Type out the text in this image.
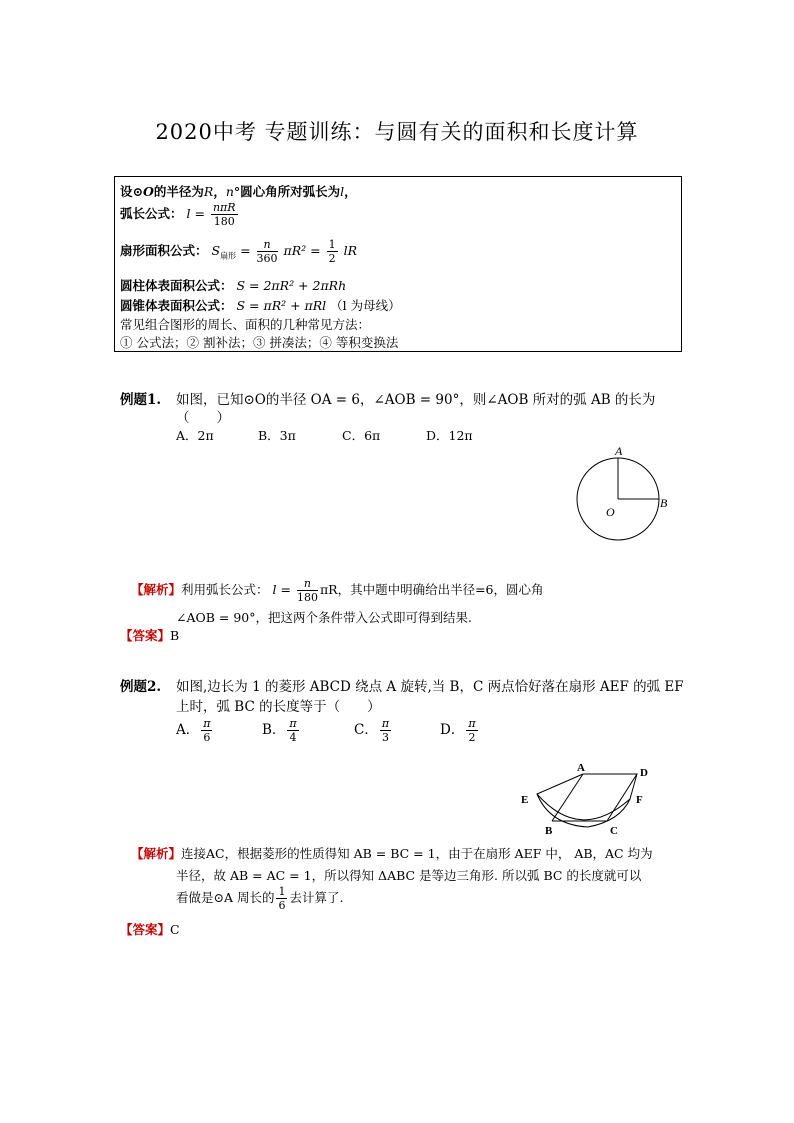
2020中考 专题训练：与圆有关的面积和长度计算
设⊙O的半径为R，n°圆心角所对弧长为l，
弧长公式： $l = \frac{\text{nπR}}{180}$
扇形面积公式： $S_{扇形} = \frac{n}{360} \pi R^2 = \frac{1}{2}$ lR
圆柱体表面积公式： S = 2πR² + 2πRh
圆锥体表面积公式： S = πR² + πRl （l 为母线）
常见组合图形的周长、面积的几种常见方法：
① 公式法；② 割补法；③ 拼凑法；④ 等积变换法
例题1. 如图，已知⊙O的半径 OA = 6，∠AOB = 90°，则∠AOB 所对的弧 AB 的长为
（　　）
A．2π	B．3π	C．6π	D．12π
A
B
O
【解析】利用弧长公式： $l = \frac{n}{180}$ πR，其中题中明确给出半径=6，圆心角
∠AOB = 90°，把这两个条件带入公式即可得到结果.
【答案】B
例题2. 如图,边长为 1 的菱形 ABCD 绕点 A 旋转,当 B，C 两点恰好落在扇形 AEF 的弧 EF
上时，弧 BC 的长度等于（　　）
A． $\frac{\pi}{6}$	B． $\frac{\pi}{4}$	C． $\frac{\pi}{3}$	D． $\frac{\pi}{2}$
A	D
E	F
B	C
【解析】连接AC，根据菱形的性质得知 AB = BC = 1，由于在扇形 AEF 中， AB，AC 均为
半径，故 AB = AC = 1，所以得知 ΔABC 是等边三角形. 所以弧 BC 的长度就可以
看做是⊙A 周长的 $\frac{1}{6}$ 去计算了.
【答案】C
